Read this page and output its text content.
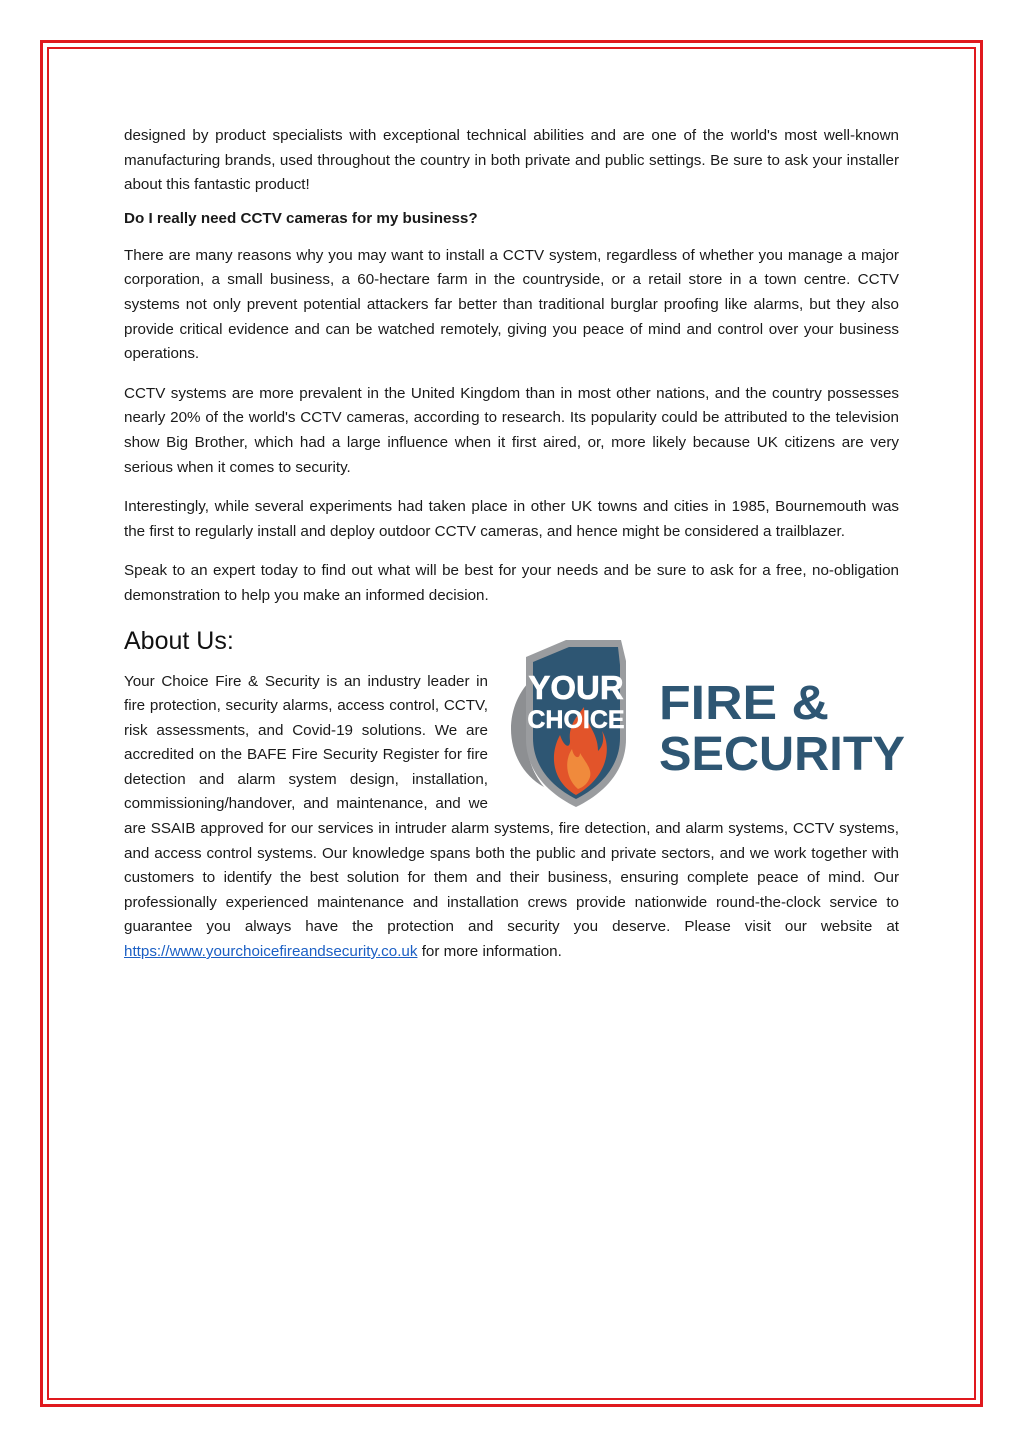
designed by product specialists with exceptional technical abilities and are one of the world's most well-known manufacturing brands, used throughout the country in both private and public settings. Be sure to ask your installer about this fantastic product!

Do I really need CCTV cameras for my business?

There are many reasons why you may want to install a CCTV system, regardless of whether you manage a major corporation, a small business, a 60-hectare farm in the countryside, or a retail store in a town centre. CCTV systems not only prevent potential attackers far better than traditional burglar proofing like alarms, but they also provide critical evidence and can be watched remotely, giving you peace of mind and control over your business operations.

CCTV systems are more prevalent in the United Kingdom than in most other nations, and the country possesses nearly 20% of the world's CCTV cameras, according to research. Its popularity could be attributed to the television show Big Brother, which had a large influence when it first aired, or, more likely because UK citizens are very serious when it comes to security.

Interestingly, while several experiments had taken place in other UK towns and cities in 1985, Bournemouth was the first to regularly install and deploy outdoor CCTV cameras, and hence might be considered a trailblazer.

Speak to an expert today to find out what will be best for your needs and be sure to ask for a free, no-obligation demonstration to help you make an informed decision.

About Us:
YOUR
CHOICE FIRE &
SECURITY

Your Choice Fire & Security is an industry leader in fire protection, security alarms, access control, CCTV, risk assessments, and Covid-19 solutions. We are accredited on the BAFE Fire Security Register for fire detection and alarm system design, installation, commissioning/handover, and maintenance, and we are SSAIB approved for our services in intruder alarm systems, fire detection, and alarm systems, CCTV systems, and access control systems. Our knowledge spans both the public and private sectors, and we work together with customers to identify the best solution for them and their business, ensuring complete peace of mind. Our professionally experienced maintenance and installation crews provide nationwide round-the-clock service to guarantee you always have the protection and security you deserve. Please visit our website at https://www.yourchoicefireandsecurity.co.uk for more information.
